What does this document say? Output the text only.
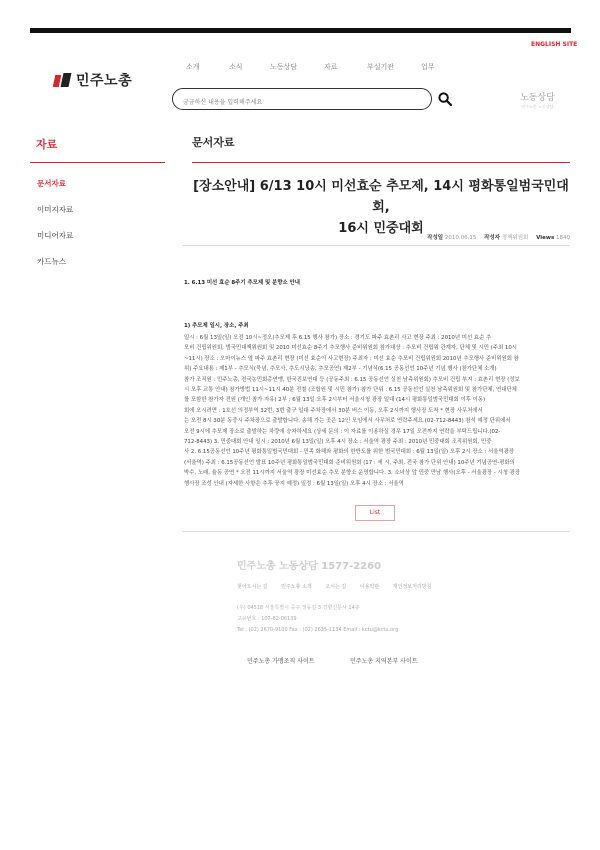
ENGLISH SITE
민주노총
소개	소식	노동상담	자료	부설기관	업무
궁금하신 내용을 입력해주세요
노동상담
민주노총 노동상담
자료
문서자료
이미지자료
미디어자료
카드뉴스
문서자료
[장소안내] 6/13 10시 미선효순 추모제, 14시 평화통일범국민대회,
16시 민중대회
작성일 2010.06.15 작성자 정책위원회 Views 1840
1. 6.13 미선 효순 8주기 추모제 및 분향소 안내
1) 추모제 일시, 장소, 주최
일시 : 6월 13일(일) 오전 10시~정오(추모제 후 6.15 행사 참가) 장소 : 경기도 파주 효촌리 사고 현장 주최 : 2010년 미선 효순 추
모비 건립위원회, 범국민대책위원회 및 2010 미선효순 8주기 추모행사 준비위원회 참가대상 : 추모비 건립위 관계자, 단체 및 시민 (주최 10시
~11시) 장소 : 오마이뉴스 옆 파주 효촌리 현장 (미선 효순이 사고현장) 주최자 : 미선 효순 추모비 건립위원회 2010년 추모행사 준비위원회 참
위) 주요내용 : 제1부 - 추모식(묵념, 추모사, 추도시낭송, 추모공연) 제2부 - 기념식(6.15 공동선언 10주년 기념 행사 (참가단체 소개)
참가 조직원 : 민주노총, 전국농민회총연맹, 한국진보연대 등 (공동주최 : 6.15 공동선언 실천 남측위원회) 추모비 건립 부지 : 효촌리 현장 (정보
시 오후 교통 안내) 참가방법 11시~11시 40분 전철 (조합원 및 시민 참가) 참가 단위 : 6.15 공동선언 실천 남측위원회 및 참가단체, 연대단체
를 포함한 참가자 전원 (개인 참가 자유) 2부 : 6월 13일 오후 2시부터 서울시청 광장 일대 (14시 평화통일범국민대회 이후 이동)
회에 오시려면 : 1호선 의정부역 32번, 3번 출구 일대 주차장에서 30분 버스 이동, 오후 2시까지 행사장 도착 * 현장 사무처에서
는 오전 8시 30분 동중시 주차장으로 출발합니다. 송해 가는 곳은 12인 모임에서 사무처로 연락주세요.(02-712-8443) 참석 예정 단위에서
오전 9시에 추모제 장소로 출발하는 차량에 승차하세요 (상세 문의 : 이 자료를 이용하실 경우 17일 오전까지 연락을 부탁드립니다.(02-
712-8443) 3. 민중대회 안내 일시 : 2010년 6월 13일(일) 오후 4시 장소 : 서울역 광장 주최 : 2010년 민중대회 조직위원회, 민중
사 2. 6.15공동선언 10주년 평화통일범국민대회 - 민족 화해와 평화의 한반도를 위한 범국민대회 : 6월 13일(일) 오후 2시 장소 : 서울역광장
(서울역) 주최 : 6.15공동선언 발표 10주년 평화통일범국민대회 준비위원회 (17 : 세 시, 주최, 전국 참가 단위 안내) 10주년 기념공연-평화의
박수, 노래, 율동 공연 * 오전 11시까지 서울역 광장 미선효순 추모 분향소 운영합니다. 3. 소녀상 앞 민중 만남 행사(오후 - 서울광장 - 시청 광장
행사장 조성 안내 (자세한 사항은 추후 공지 예정) 일정 : 6월 13일(일) 오후 4시 장소 : 서울역
List
민주노총 노동상담 1577-2260
찾아오시는 길	민주노총 소개	오시는 길	이용약관	개인정보처리방침
(우) 04518 서울특별시 중구 정동길 3 경향신문사 14층
고유번호 : 107-82-06139
Tel : (02) 2670-9100 Fax : (02) 2635-1134 Email : kctu@kctu.org
민주노총 가맹조직 사이트	민주노총 지역본부 사이트
